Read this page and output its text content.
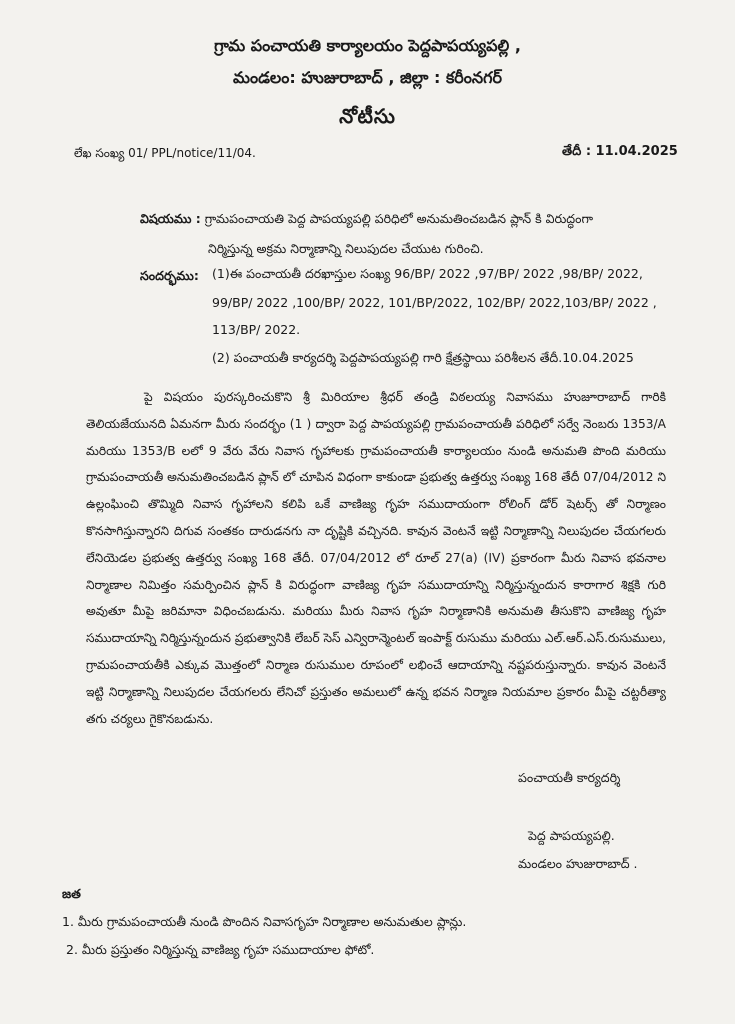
గ్రామ పంచాయతి కార్యాలయం పెద్దపాపయ్యపల్లి ,
మండలం: హుజురాబాద్ , జిల్లా : కరీంనగర్
నోటీసు
లేఖ సంఖ్య 01/ PPL/notice/11/04.	తేదీ : 11.04.2025
విషయము : గ్రామపంచాయతి పెద్ద పాపయ్యపల్లి పరిధిలో అనుమతించబడిన ప్లాన్ కి విరుద్ధంగా
నిర్మిస్తున్న అక్రమ నిర్మాణాన్ని నిలుపుదల చేయుట గురించి.
సందర్భము:	(1)ఈ పంచాయతీ దరఖాస్తుల సంఖ్య 96/BP/ 2022 ,97/BP/ 2022 ,98/BP/ 2022,
99/BP/ 2022 ,100/BP/ 2022, 101/BP/2022, 102/BP/ 2022,103/BP/ 2022 ,
113/BP/ 2022.
(2) పంచాయతీ కార్యదర్శి పెద్దపాపయ్యపల్లి గారి క్షేత్రస్థాయి పరిశీలన తేదీ.10.04.2025
పై విషయం పురస్కరించుకొని శ్రీ మిరియాల శ్రీధర్ తండ్రి విఠలయ్య నివాసము హుజూరాబాద్ గారికి తెలియజేయునది ఏమనగా మీరు సందర్భం (1 ) ద్వారా పెద్ద పాపయ్యపల్లి గ్రామపంచాయతీ పరిధిలో సర్వే నెంబరు 1353/A మరియు 1353/B లలో 9 వేరు వేరు నివాస గృహాలకు గ్రామపంచాయతీ కార్యాలయం నుండి అనుమతి పొంది మరియు గ్రామపంచాయతీ అనుమతించబడిన ప్లాన్ లో చూపిన విధంగా కాకుండా ప్రభుత్వ ఉత్తర్వు సంఖ్య 168 తేదీ 07/04/2012 ని ఉల్లంఘించి తొమ్మిది నివాస గృహాలని కలిపి ఒకే వాణిజ్య గృహ సముదాయంగా రోలింగ్ డోర్ షెటర్స్ తో నిర్మాణం కొనసాగిస్తున్నారని దిగువ సంతకం దారుడనగు నా దృష్టికి వచ్చినది. కావున వెంటనే ఇట్టి నిర్మాణాన్ని నిలుపుదల చేయగలరు లేనియెడల ప్రభుత్వ ఉత్తర్వు సంఖ్య 168 తేదీ. 07/04/2012 లో రూల్ 27(a) (IV) ప్రకారంగా మీరు నివాస భవనాల నిర్మాణాల నిమిత్తం సమర్పించిన ప్లాన్ కి విరుద్ధంగా వాణిజ్య గృహ సముదాయాన్ని నిర్మిస్తున్నందున కారాగార శిక్షకి గురి అవుతూ మీపై జరిమానా విధించబడును. మరియు మీరు నివాస గృహ నిర్మాణానికి అనుమతి తీసుకొని వాణిజ్య గృహ సముదాయాన్ని నిర్మిస్తున్నందున ప్రభుత్వానికి లేబర్ సెస్ ఎన్విరాన్మెంటల్ ఇంపాక్ట్ రుసుము మరియు ఎల్.ఆర్.ఎస్.రుసుములు, గ్రామపంచాయతీకి ఎక్కువ మొత్తంలో నిర్మాణ రుసుముల రూపంలో లభించే ఆదాయాన్ని నష్టపరుస్తున్నారు. కావున వెంటనే ఇట్టి నిర్మాణాన్ని నిలుపుదల చేయగలరు లేనిచో ప్రస్తుతం అమలులో ఉన్న భవన నిర్మాణ నియమాల ప్రకారం మీపై చట్టరీత్యా తగు చర్యలు గైకొనబడును.
పంచాయతీ కార్యదర్శి
పెద్ద పాపయ్యపల్లి.
మండలం హుజురాబాద్ .
జత
1. మీరు గ్రామపంచాయతీ నుండి పొందిన నివాసగృహ నిర్మాణాల అనుమతుల ప్లాన్లు.
2. మీరు ప్రస్తుతం నిర్మిస్తున్న వాణిజ్య గృహ సముదాయాల ఫోటో.
